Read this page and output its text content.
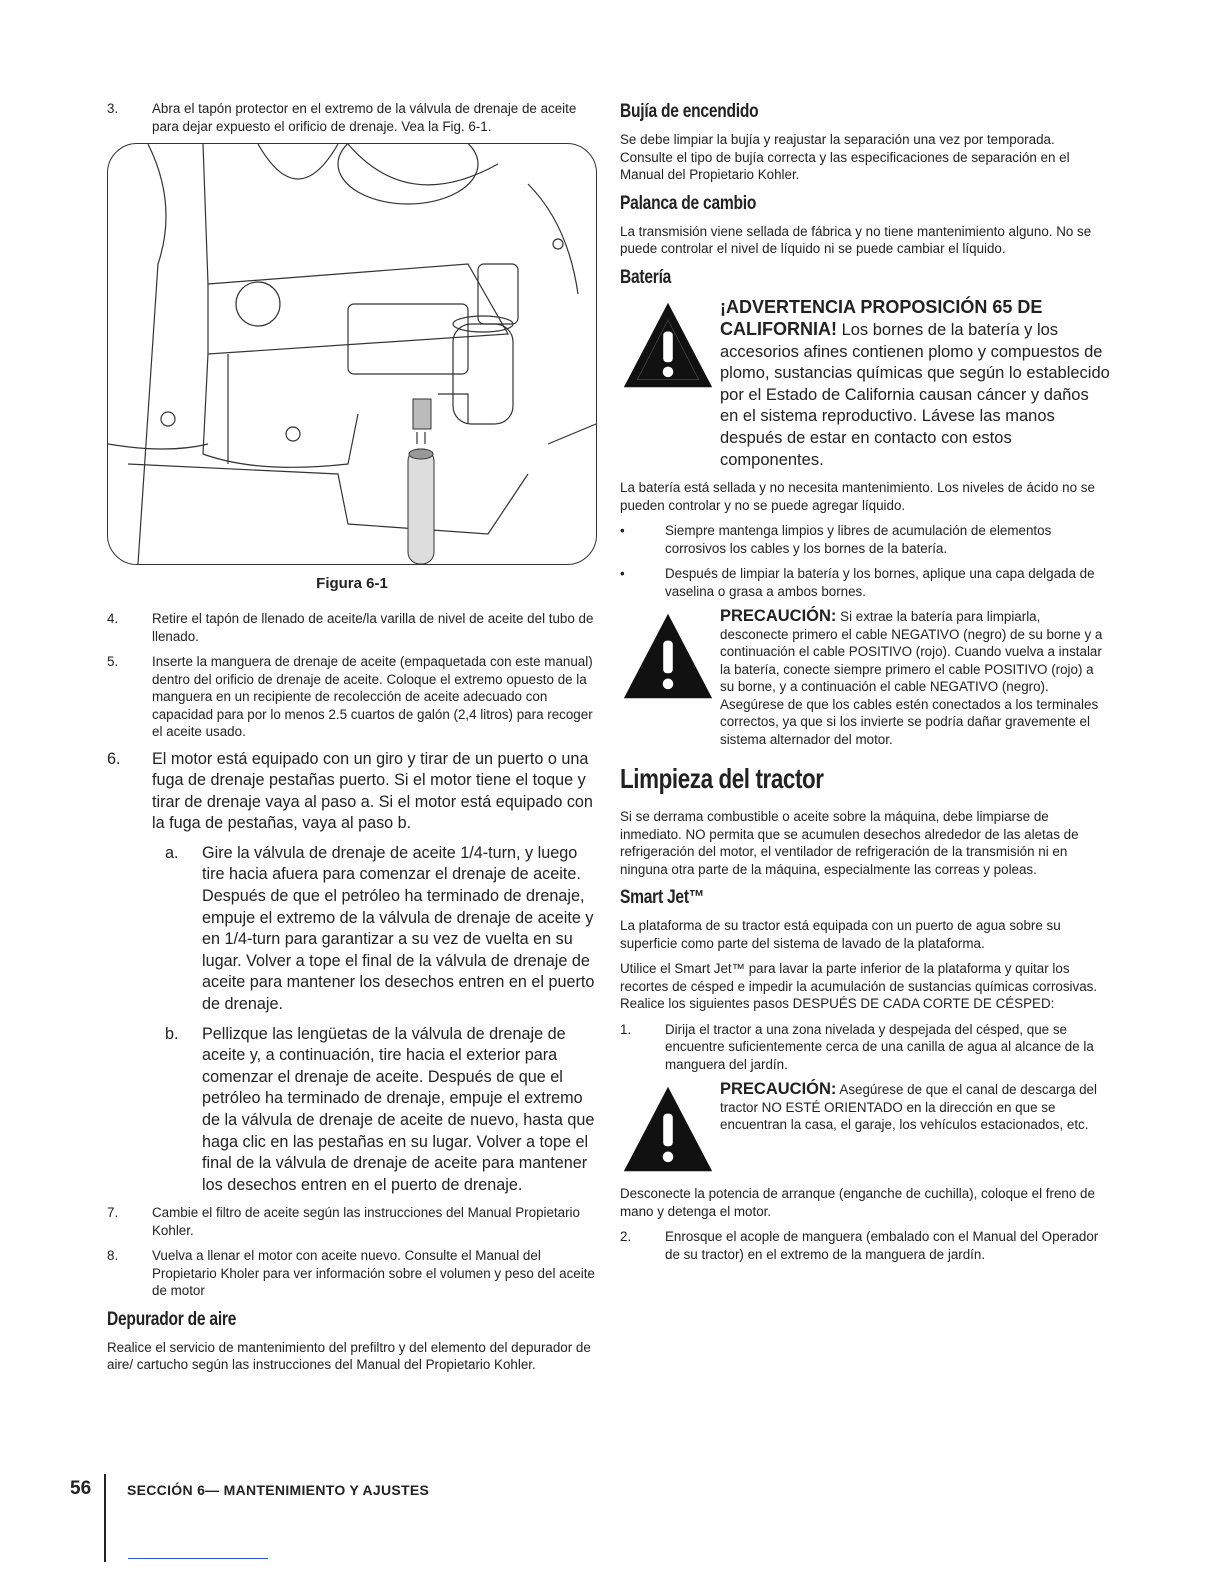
3.	Abra el tapón protector en el extremo de la válvula de drenaje de aceite para dejar expuesto el orificio de drenaje. Vea la Fig. 6-1.
Figura 6-1
4.	Retire el tapón de llenado de aceite/la varilla de nivel de aceite del tubo de llenado.
5.	Inserte la manguera de drenaje de aceite (empaquetada con este manual) dentro del orificio de drenaje de aceite. Coloque el extremo opuesto de la manguera en un recipiente de recolección de aceite adecuado con capacidad para por lo menos 2.5 cuartos de galón (2,4 litros) para recoger el aceite usado.
6.	El motor está equipado con un giro y tirar de un puerto o una fuga de drenaje pestañas puerto. Si el motor tiene el toque y tirar de drenaje vaya al paso a. Si el motor está equipado con la fuga de pestañas, vaya al paso b.
a.	Gire la válvula de drenaje de aceite 1/4-turn, y luego tire hacia afuera para comenzar el drenaje de aceite. Después de que el petróleo ha terminado de drenaje, empuje el extremo de la válvula de drenaje de aceite y en 1/4-turn para garantizar a su vez de vuelta en su lugar. Volver a tope el final de la válvula de drenaje de aceite para mantener los desechos entren en el puerto de drenaje.
b.	Pellizque las lengüetas de la válvula de drenaje de aceite y, a continuación, tire hacia el exterior para comenzar el drenaje de aceite. Después de que el petróleo ha terminado de drenaje, empuje el extremo de la válvula de drenaje de aceite de nuevo, hasta que haga clic en las pestañas en su lugar. Volver a tope el final de la válvula de drenaje de aceite para mantener los desechos entren en el puerto de drenaje.
7.	Cambie el filtro de aceite según las instrucciones del Manual Propietario Kohler.
8.	Vuelva a llenar el motor con aceite nuevo. Consulte el Manual del Propietario Kholer para ver información sobre el volumen y peso del aceite de motor
Depurador de aire

Realice el servicio de mantenimiento del prefiltro y del elemento del depurador de aire/ cartucho según las instrucciones del Manual del Propietario Kohler.

Bujía de encendido

Se debe limpiar la bujía y reajustar la separación una vez por temporada. Consulte el tipo de bujía correcta y las especificaciones de separación en el Manual del Propietario Kohler.

Palanca de cambio

La transmisión viene sellada de fábrica y no tiene mantenimiento alguno. No se puede controlar el nivel de líquido ni se puede cambiar el líquido.

Batería
¡ADVERTENCIA PROPOSICIÓN 65 DE CALIFORNIA! Los bornes de la batería y los accesorios afines contienen plomo y compuestos de plomo, sustancias químicas que según lo establecido por el Estado de California causan cáncer y daños en el sistema reproductivo. Lávese las manos después de estar en contacto con estos componentes.

La batería está sellada y no necesita mantenimiento. Los niveles de ácido no se pueden controlar y no se puede agregar líquido.

•	Siempre mantenga limpios y libres de acumulación de elementos corrosivos los cables y los bornes de la batería.
•	Después de limpiar la batería y los bornes, aplique una capa delgada de vaselina o grasa a ambos bornes.
PRECAUCIÓN: Si extrae la batería para limpiarla, desconecte primero el cable NEGATIVO (negro) de su borne y a continuación el cable POSITIVO (rojo). Cuando vuelva a instalar la batería, conecte siempre primero el cable POSITIVO (rojo) a su borne, y a continuación el cable NEGATIVO (negro). Asegúrese de que los cables estén conectados a los terminales correctos, ya que si los invierte se podría dañar gravemente el sistema alternador del motor.
Limpieza del tractor

Si se derrama combustible o aceite sobre la máquina, debe limpiarse de inmediato. NO permita que se acumulen desechos alrededor de las aletas de refrigeración del motor, el ventilador de refrigeración de la transmisión ni en ninguna otra parte de la máquina, especialmente las correas y poleas.

Smart Jet™

La plataforma de su tractor está equipada con un puerto de agua sobre su superficie como parte del sistema de lavado de la plataforma.

Utilice el Smart Jet™ para lavar la parte inferior de la plataforma y quitar los recortes de césped e impedir la acumulación de sustancias químicas corrosivas. Realice los siguientes pasos DESPUÉS DE CADA CORTE DE CÉSPED:

1.	Dirija el tractor a una zona nivelada y despejada del césped, que se encuentre suficientemente cerca de una canilla de agua al alcance de la manguera del jardín.
PRECAUCIÓN: Asegúrese de que el canal de descarga del tractor NO ESTÉ ORIENTADO en la dirección en que se encuentran la casa, el garaje, los vehículos estacionados, etc.

Desconecte la potencia de arranque (enganche de cuchilla), coloque el freno de mano y detenga el motor.

2.	Enrosque el acople de manguera (embalado con el Manual del Operador de su tractor) en el extremo de la manguera de jardín.
56	SECCIÓN 6— MANTENIMIENTO Y AJUSTES
